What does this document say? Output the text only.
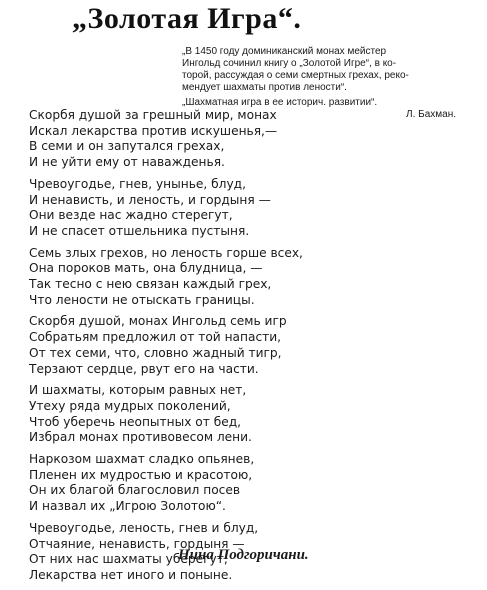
„Золотая Игра“.
„В 1450 году доминиканский монах мейстер
Ингольд сочинил книгу о „Золотой Игре“, в ко-
торой, рассуждая о семи смертных грехах, реко-
мендует шахматы против лености“.
„Шахматная игра в ее историч. развитии“.
Л. Бахман.
Скорбя душой за грешный мир, монах
Искал лекарства против искушенья,—
В семи и он запутался грехах,
И не уйти ему от наважденья.
Чревоугодье, гнев, унынье, блуд,
И ненависть, и леность, и гордыня —
Они везде нас жадно стерегут,
И не спасет отшельника пустыня.
Семь злых грехов, но леность горше всех,
Она пороков мать, она блудница, —
Так тесно с нею связан каждый грех,
Что лености не отыскать границы.
Скорбя душой, монах Ингольд семь игр
Собратьям предложил от той напасти,
От тех семи, что, словно жадный тигр,
Терзают сердце, рвут его на части.
И шахматы, которым равных нет,
Утеху ряда мудрых поколений,
Чтоб уберечь неопытных от бед,
Избрал монах противовесом лени.
Наркозом шахмат сладко опьянев,
Пленен их мудростью и красотою,
Он их благой благословил посев
И назвал их „Игрою Золотою“.
Чревоугодье, леность, гнев и блуд,
Отчаяние, ненависть, гордыня —
От них нас шахматы уберегут,
Лекарства нет иного и поныне.
Нина Подгоричани.
